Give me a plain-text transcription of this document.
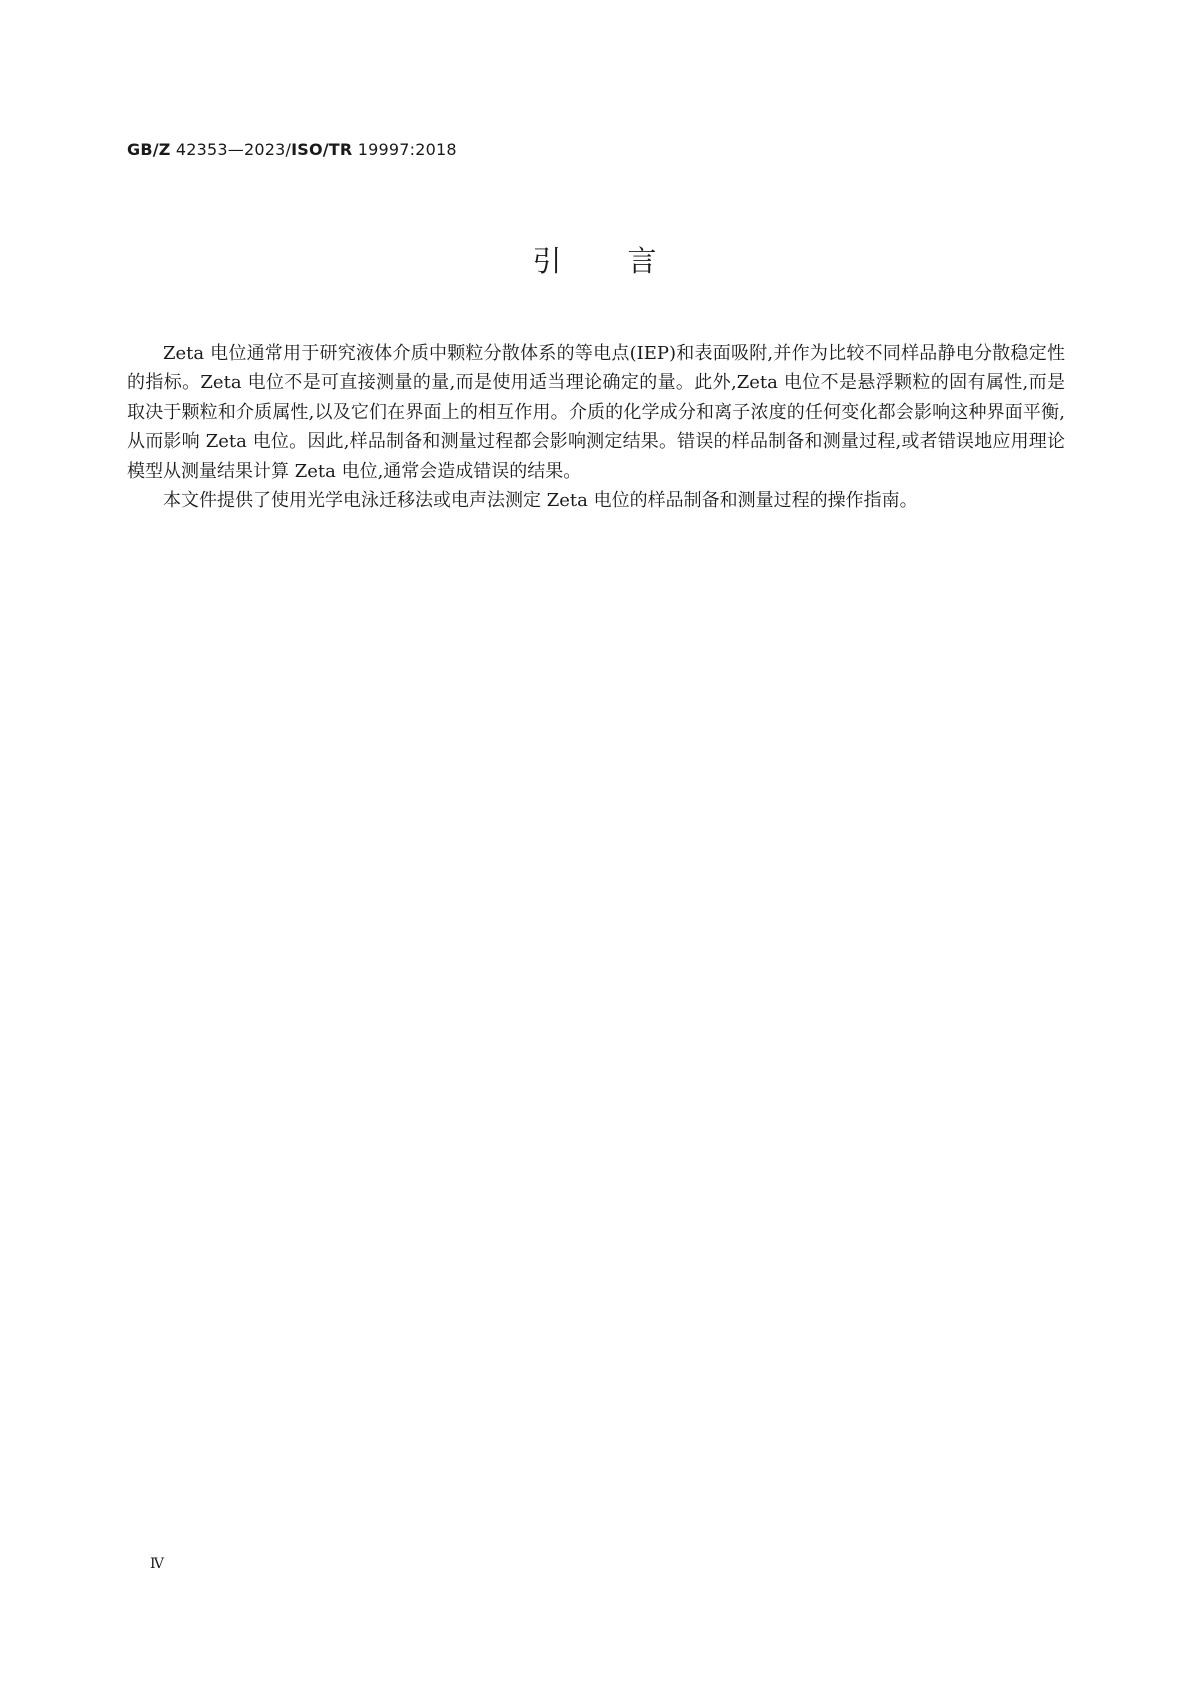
GB/Z 42353—2023/ISO/TR 19997:2018
引 言

Zeta 电位通常用于研究液体介质中颗粒分散体系的等电点(IEP)和表面吸附,并作为比较不同样品静电分散稳定性的指标。Zeta 电位不是可直接测量的量,而是使用适当理论确定的量。此外,Zeta 电位不是悬浮颗粒的固有属性,而是取决于颗粒和介质属性,以及它们在界面上的相互作用。介质的化学成分和离子浓度的任何变化都会影响这种界面平衡,从而影响 Zeta 电位。因此,样品制备和测量过程都会影响测定结果。错误的样品制备和测量过程,或者错误地应用理论模型从测量结果计算 Zeta 电位,通常会造成错误的结果。

本文件提供了使用光学电泳迁移法或电声法测定 Zeta 电位的样品制备和测量过程的操作指南。

Ⅳ
